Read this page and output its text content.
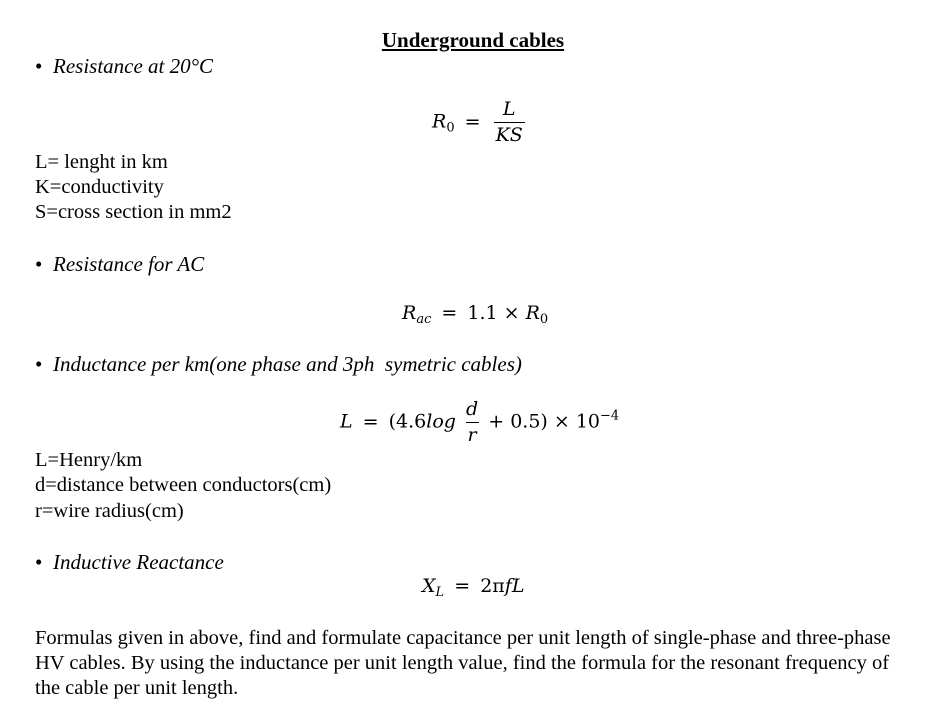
Underground cables
• Resistance at 20°C
$R_0 = \frac{L}{KS}$
L= lenght in km
K=conductivity
S=cross section in mm2
• Resistance for AC
$R_{ac} = 1.1 \times R_0$
• Inductance per km(one phase and 3ph  symetric cables)
$L = (4.6\log \frac{d}{r} + 0.5) \times 10^{-4}$
L=Henry/km
d=distance between conductors(cm)
r=wire radius(cm)
• Inductive Reactance
$X_L = 2\pi fL$
Formulas given in above, find and formulate capacitance per unit length of single-phase and three-phase HV cables. By using the inductance per unit length value, find the formula for the resonant frequency of the cable per unit length.
